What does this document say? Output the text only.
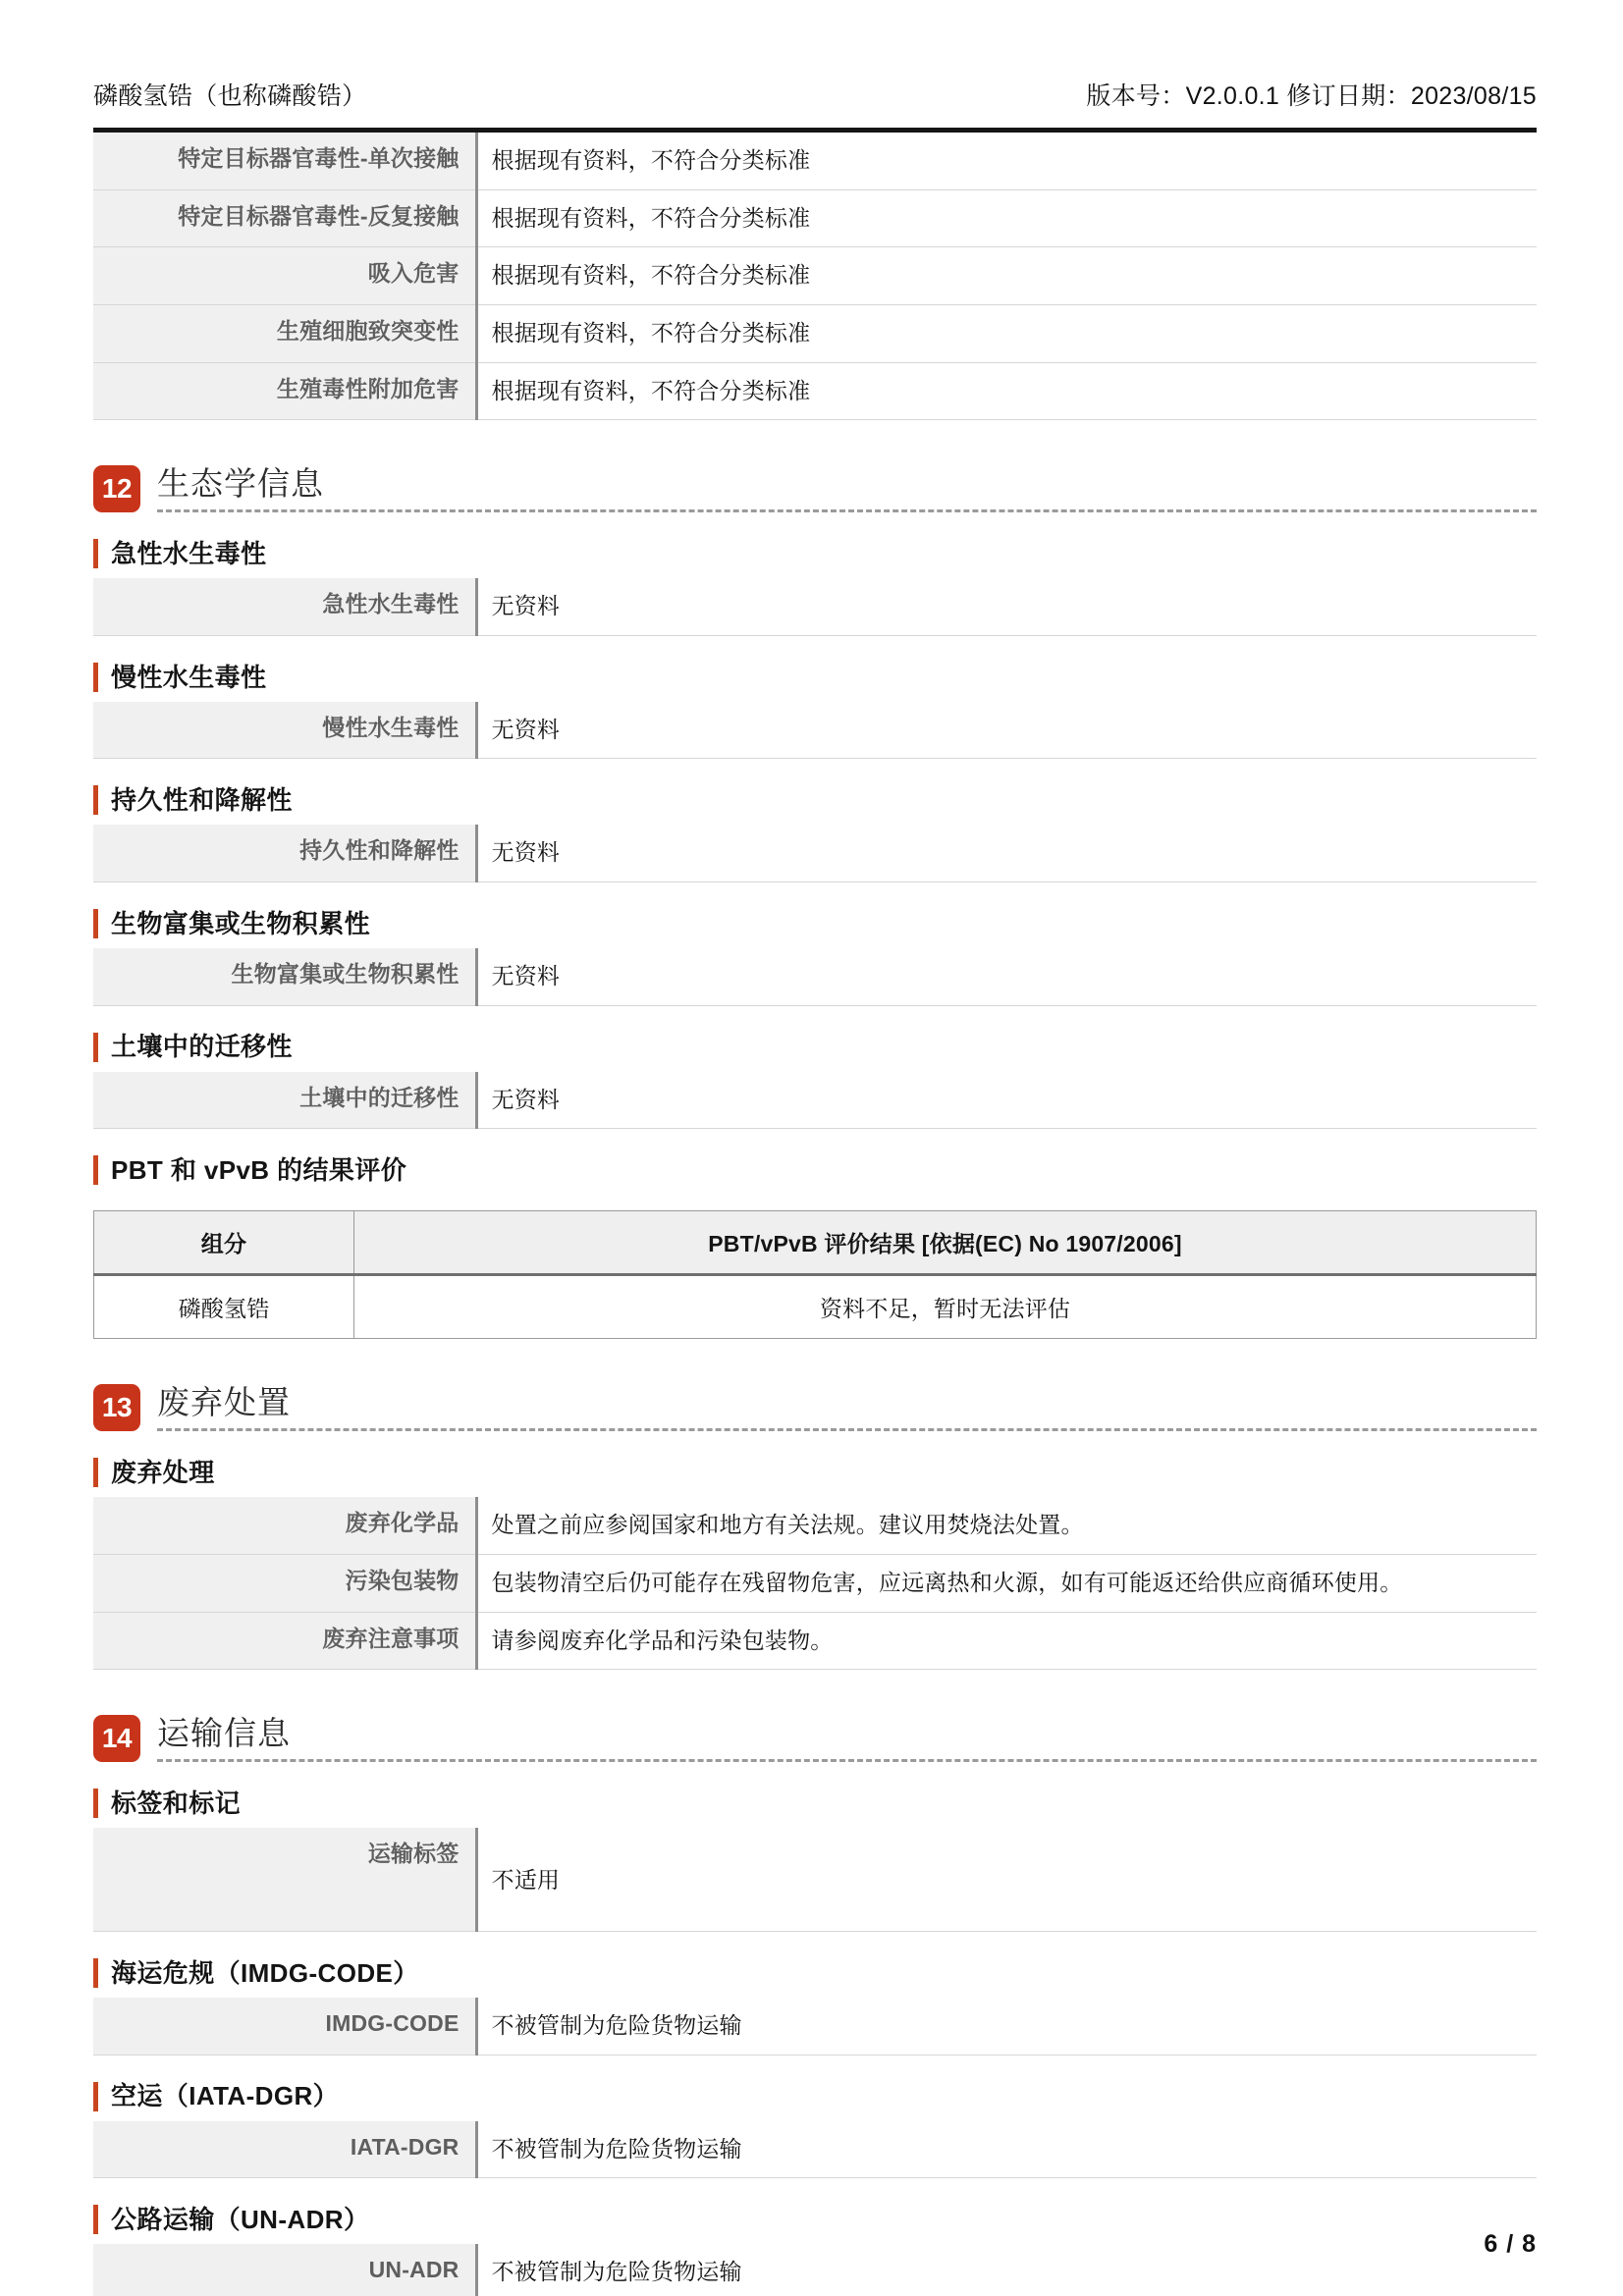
磷酸氢锆（也称磷酸锆）	版本号：V2.0.0.1 修订日期：2023/08/15
特定目标器官毒性-单次接触	根据现有资料，不符合分类标准
特定目标器官毒性-反复接触	根据现有资料，不符合分类标准
吸入危害	根据现有资料，不符合分类标准
生殖细胞致突变性	根据现有资料，不符合分类标准
生殖毒性附加危害	根据现有资料，不符合分类标准
12 生态学信息
急性水生毒性
急性水生毒性	无资料
慢性水生毒性
慢性水生毒性	无资料
持久性和降解性
持久性和降解性	无资料
生物富集或生物积累性
生物富集或生物积累性	无资料
土壤中的迁移性
土壤中的迁移性	无资料
PBT 和 vPvB 的结果评价
组分	PBT/vPvB 评价结果 [依据(EC) No 1907/2006]
磷酸氢锆	资料不足，暂时无法评估
13 废弃处置
废弃处理
废弃化学品	处置之前应参阅国家和地方有关法规。建议用焚烧法处置。
污染包装物	包装物清空后仍可能存在残留物危害，应远离热和火源，如有可能返还给供应商循环使用。
废弃注意事项	请参阅废弃化学品和污染包装物。
14 运输信息
标签和标记
运输标签	不适用
海运危规（IMDG-CODE）
IMDG-CODE	不被管制为危险货物运输
空运（IATA-DGR）
IATA-DGR	不被管制为危险货物运输
公路运输（UN-ADR）
UN-ADR	不被管制为危险货物运输
6 / 8
